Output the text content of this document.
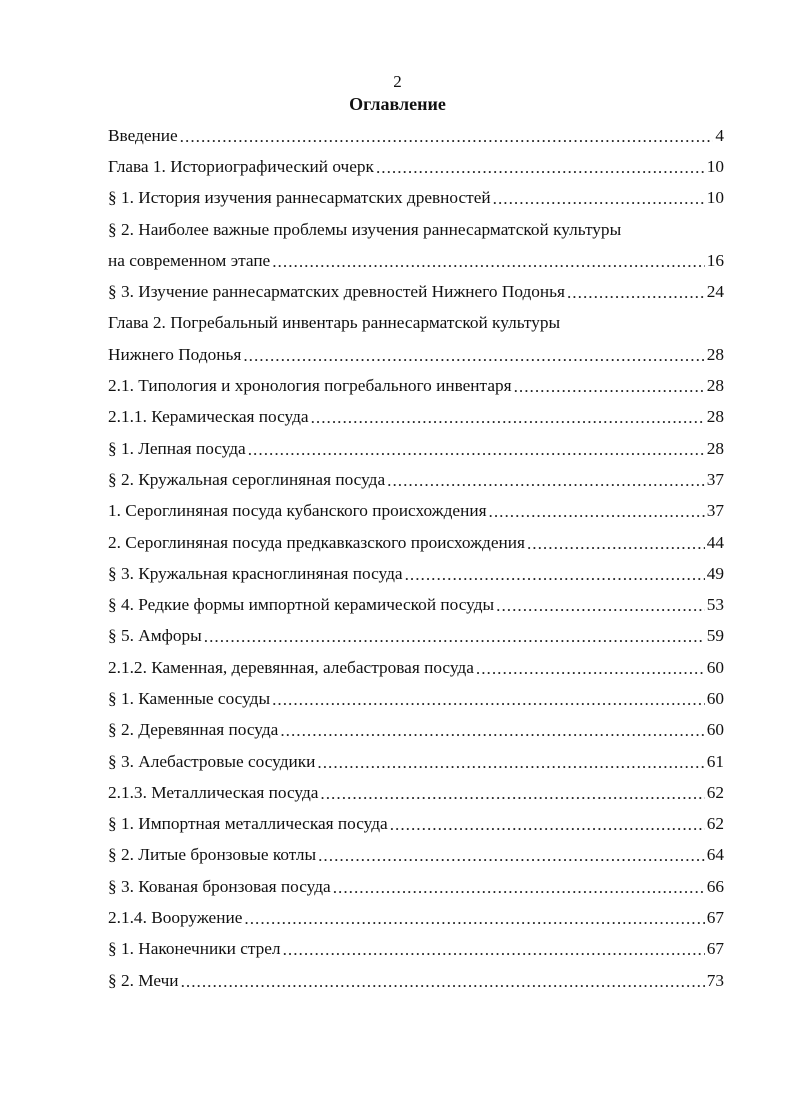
2
Оглавление
Введение .....	4
Глава 1. Историографический очерк .....	10
§ 1. История изучения раннесарматских древностей .....	10
§ 2. Наиболее важные проблемы изучения раннесарматской культуры
на современном этапе .....	16
§ 3. Изучение раннесарматских древностей Нижнего Подонья .....	24
Глава 2. Погребальный инвентарь раннесарматской культуры
Нижнего Подонья .....	28
2.1. Типология и хронология погребального инвентаря .....	28
2.1.1. Керамическая посуда .....	28
§ 1. Лепная посуда .....	28
§ 2. Кружальная сероглиняная посуда .....	37
1. Сероглиняная посуда кубанского происхождения .....	37
2. Сероглиняная посуда предкавказского происхождения .....	44
§ 3. Кружальная красноглиняная посуда .....	49
§ 4. Редкие формы импортной керамической посуды .....	53
§ 5. Амфоры .....	59
2.1.2. Каменная, деревянная, алебастровая посуда .....	60
§ 1. Каменные сосуды .....	60
§ 2. Деревянная посуда .....	60
§ 3. Алебастровые сосудики .....	61
2.1.3. Металлическая посуда .....	62
§ 1. Импортная металлическая посуда .....	62
§ 2. Литые бронзовые котлы .....	64
§ 3. Кованая бронзовая посуда .....	66
2.1.4. Вооружение .....	67
§ 1. Наконечники стрел .....	67
§ 2. Мечи .....	73
